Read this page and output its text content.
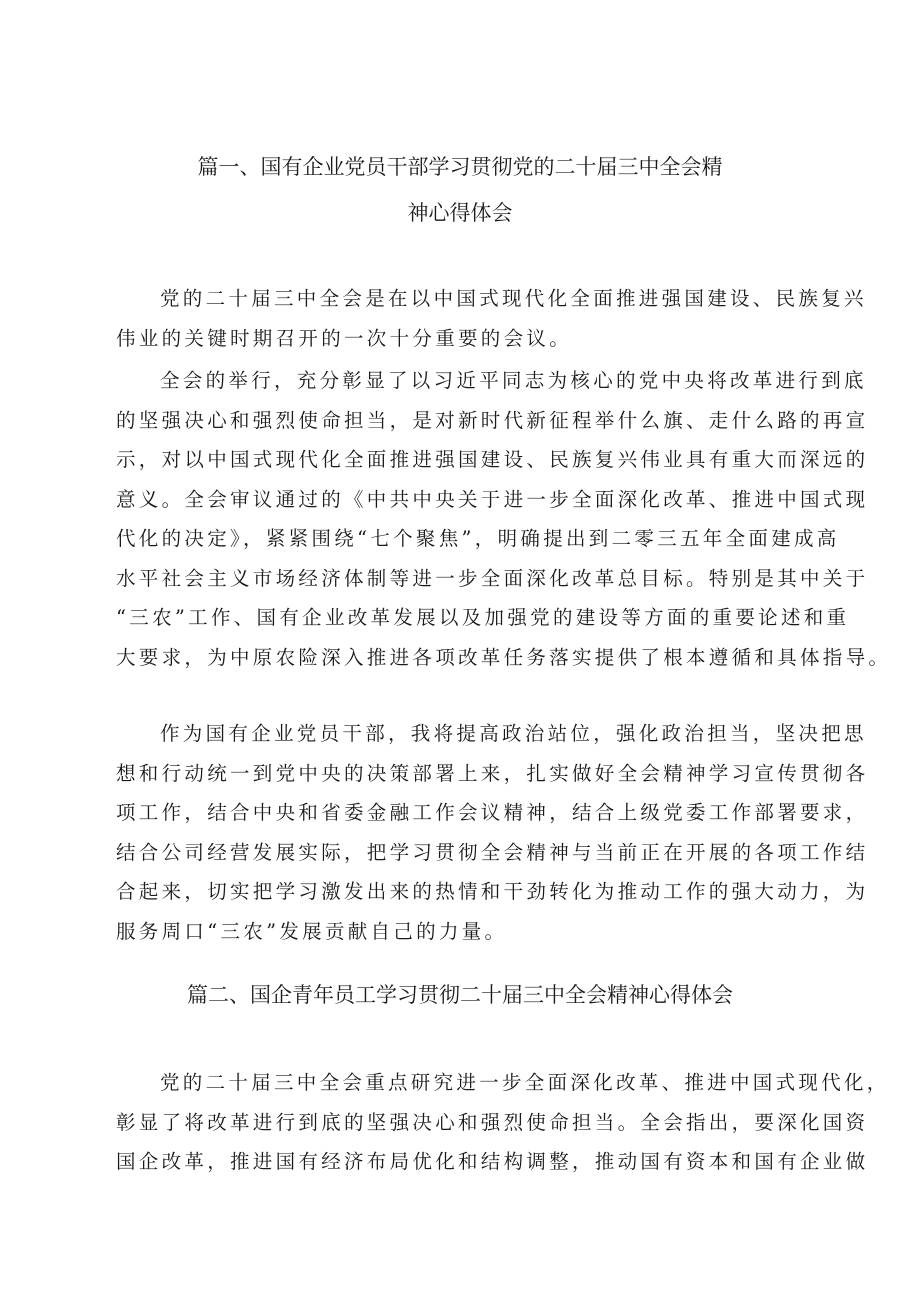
篇一、国有企业党员干部学习贯彻党的二十届三中全会精
神心得体会
党的二十届三中全会是在以中国式现代化全面推进强国建设、民族复兴
伟业的关键时期召开的一次十分重要的会议。
全会的举行，充分彰显了以习近平同志为核心的党中央将改革进行到底
的坚强决心和强烈使命担当，是对新时代新征程举什么旗、走什么路的再宣
示，对以中国式现代化全面推进强国建设、民族复兴伟业具有重大而深远的
意义。全会审议通过的《中共中央关于进一步全面深化改革、推进中国式现
代化的决定》，紧紧围绕“七个聚焦”，明确提出到二零三五年全面建成高
水平社会主义市场经济体制等进一步全面深化改革总目标。特别是其中关于
“三农”工作、国有企业改革发展以及加强党的建设等方面的重要论述和重
大要求，为中原农险深入推进各项改革任务落实提供了根本遵循和具体指导。
作为国有企业党员干部，我将提高政治站位，强化政治担当，坚决把思
想和行动统一到党中央的决策部署上来，扎实做好全会精神学习宣传贯彻各
项工作，结合中央和省委金融工作会议精神，结合上级党委工作部署要求，
结合公司经营发展实际，把学习贯彻全会精神与当前正在开展的各项工作结
合起来，切实把学习激发出来的热情和干劲转化为推动工作的强大动力，为
服务周口“三农”发展贡献自己的力量。
篇二、国企青年员工学习贯彻二十届三中全会精神心得体会
党的二十届三中全会重点研究进一步全面深化改革、推进中国式现代化，
彰显了将改革进行到底的坚强决心和强烈使命担当。全会指出，要深化国资
国企改革，推进国有经济布局优化和结构调整，推动国有资本和国有企业做
